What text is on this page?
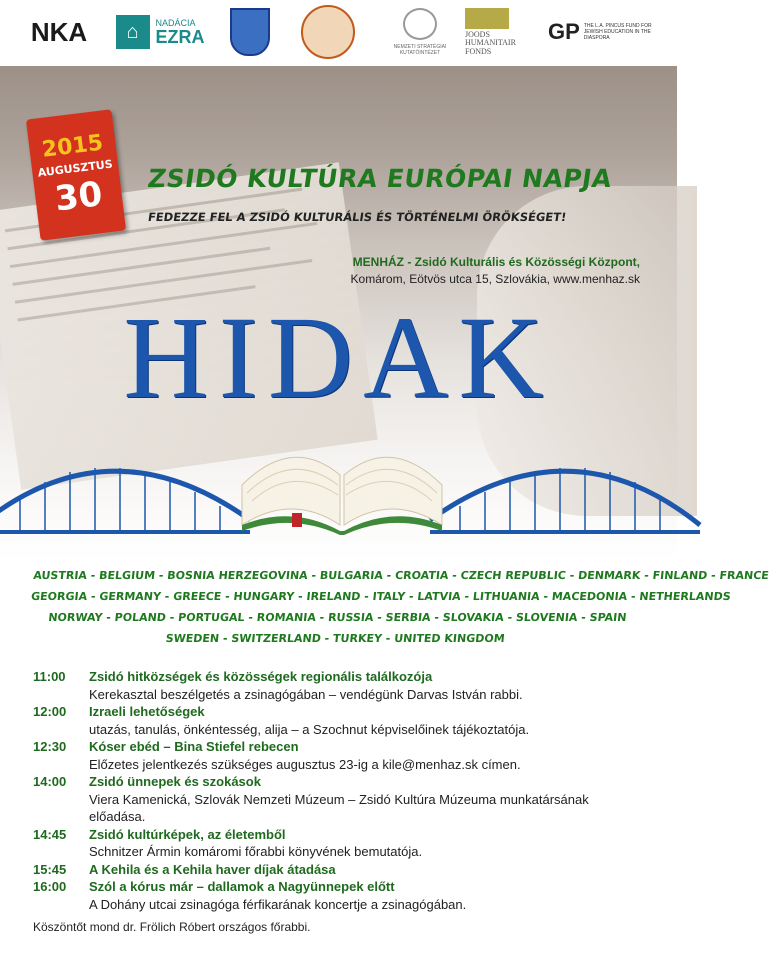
NKA	⌂	NADÁCIA
EZRA
NEMZETI STRATÉGIAI KUTATÓINTÉZET
JOODS
HUMANITAIR
FONDS
GP THE L.A. PINCUS FUND FOR JEWISH EDUCATION IN THE DIASPORA
2015
AUGUSZTUS
30 ZSIDÓ KULTÚRA EURÓPAI NAPJA
FEDEZZE FEL A ZSIDÓ KULTURÁLIS ÉS TÖRTÉNELMI ÖRÖKSÉGET!
MENHÁZ - Zsidó Kulturális és Közösségi Központ,
Komárom, Eötvös utca 15, Szlovákia, www.menhaz.sk
HIDAK
AUSTRIA - BELGIUM - BOSNIA HERZEGOVINA - BULGARIA - CROATIA - CZECH REPUBLIC - DENMARK - FINLAND - FRANCE
GEORGIA - GERMANY - GREECE - HUNGARY - IRELAND - ITALY - LATVIA - LITHUANIA - MACEDONIA - NETHERLANDS
NORWAY - POLAND - PORTUGAL - ROMANIA - RUSSIA - SERBIA - SLOVAKIA - SLOVENIA - SPAIN
SWEDEN - SWITZERLAND - TURKEY - UNITED KINGDOM
11:00	Zsidó hitközségek és közösségek regionális találkozója
Kerekasztal beszélgetés a zsinagógában – vendégünk Darvas István rabbi.
12:00	Izraeli lehetőségek
utazás, tanulás, önkéntesség, alija – a Szochnut képviselőinek tájékoztatója.
12:30	Kóser ebéd – Bina Stiefel rebecen
Előzetes jelentkezés szükséges augusztus 23-ig a kile@menhaz.sk címen.
14:00	Zsidó ünnepek és szokások
Viera Kamenická, Szlovák Nemzeti Múzeum – Zsidó Kultúra Múzeuma munkatársának
előadása.
14:45	Zsidó kultúrképek, az életemből
Schnitzer Ármin komáromi főrabbi könyvének bemutatója.
15:45	A Kehila és a Kehila haver díjak átadása
16:00	Szól a kórus már – dallamok a Nagyünnepek előtt
A Dohány utcai zsinagóga férfikarának koncertje a zsinagógában.
Köszöntőt mond dr. Frölich Róbert országos főrabbi.
